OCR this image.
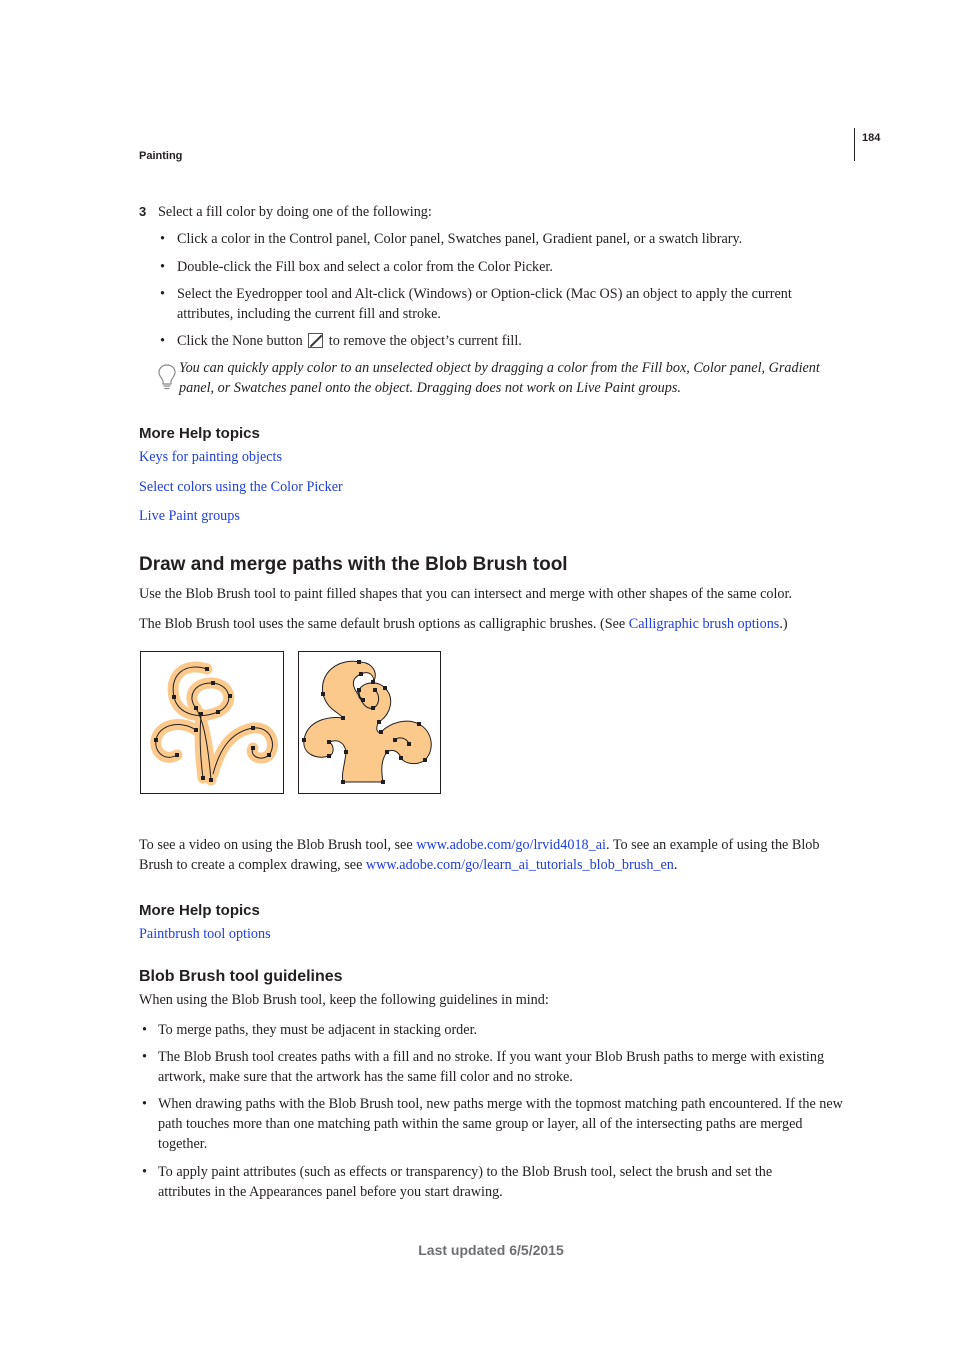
184
Painting
3 Select a fill color by doing one of the following:
• Click a color in the Control panel, Color panel, Swatches panel, Gradient panel, or a swatch library.
• Double-click the Fill box and select a color from the Color Picker.
• Select the Eyedropper tool and Alt-click (Windows) or Option-click (Mac OS) an object to apply the current attributes, including the current fill and stroke.
• Click the None button  to remove the object’s current fill.
You can quickly apply color to an unselected object by dragging a color from the Fill box, Color panel, Gradient panel, or Swatches panel onto the object. Dragging does not work on Live Paint groups.
More Help topics
Keys for painting objects
Select colors using the Color Picker
Live Paint groups
Draw and merge paths with the Blob Brush tool
Use the Blob Brush tool to paint filled shapes that you can intersect and merge with other shapes of the same color.
The Blob Brush tool uses the same default brush options as calligraphic brushes. (See Calligraphic brush options.)
To see a video on using the Blob Brush tool, see www.adobe.com/go/lrvid4018_ai. To see an example of using the Blob Brush to create a complex drawing, see www.adobe.com/go/learn_ai_tutorials_blob_brush_en.
More Help topics
Paintbrush tool options
Blob Brush tool guidelines
When using the Blob Brush tool, keep the following guidelines in mind:
• To merge paths, they must be adjacent in stacking order.
• The Blob Brush tool creates paths with a fill and no stroke. If you want your Blob Brush paths to merge with existing artwork, make sure that the artwork has the same fill color and no stroke.
• When drawing paths with the Blob Brush tool, new paths merge with the topmost matching path encountered. If the new path touches more than one matching path within the same group or layer, all of the intersecting paths are merged together.
• To apply paint attributes (such as effects or transparency) to the Blob Brush tool, select the brush and set the attributes in the Appearances panel before you start drawing.
Last updated 6/5/2015
